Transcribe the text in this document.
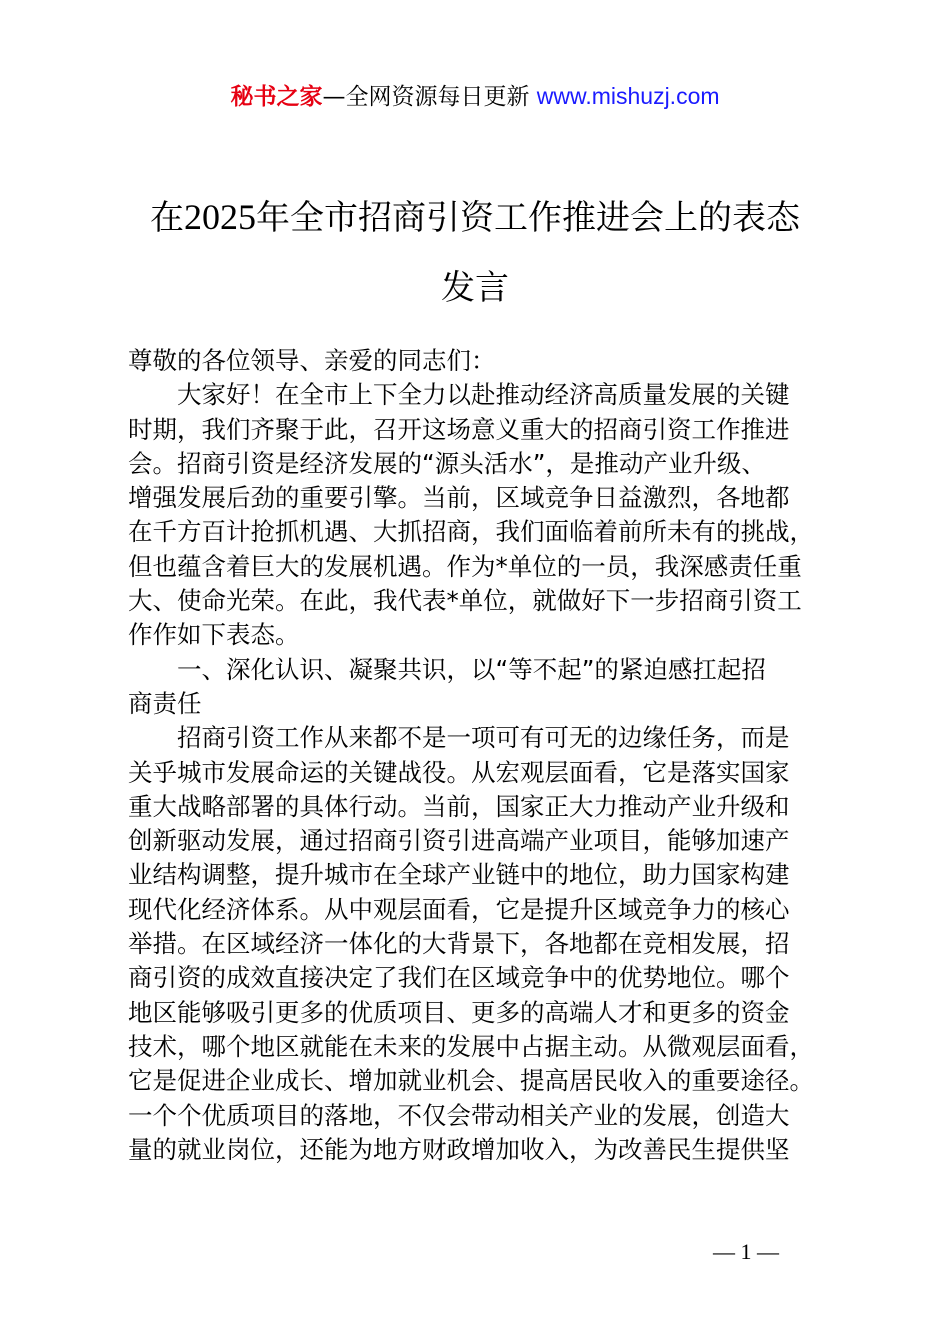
秘书之家—全网资源每日更新 www.mishuzj.com
在2025年全市招商引资工作推进会上的表态
发言
尊敬的各位领导、亲爱的同志们：
大家好！在全市上下全力以赴推动经济高质量发展的关键
时期，我们齐聚于此，召开这场意义重大的招商引资工作推进
会。招商引资是经济发展的“源头活水”，是推动产业升级、
增强发展后劲的重要引擎。当前，区域竞争日益激烈，各地都
在千方百计抢抓机遇、大抓招商，我们面临着前所未有的挑战，
但也蕴含着巨大的发展机遇。作为*单位的一员，我深感责任重
大、使命光荣。在此，我代表*单位，就做好下一步招商引资工
作作如下表态。
一、深化认识、凝聚共识，以“等不起”的紧迫感扛起招
商责任
招商引资工作从来都不是一项可有可无的边缘任务，而是
关乎城市发展命运的关键战役。从宏观层面看，它是落实国家
重大战略部署的具体行动。当前，国家正大力推动产业升级和
创新驱动发展，通过招商引资引进高端产业项目，能够加速产
业结构调整，提升城市在全球产业链中的地位，助力国家构建
现代化经济体系。从中观层面看，它是提升区域竞争力的核心
举措。在区域经济一体化的大背景下，各地都在竞相发展，招
商引资的成效直接决定了我们在区域竞争中的优势地位。哪个
地区能够吸引更多的优质项目、更多的高端人才和更多的资金
技术，哪个地区就能在未来的发展中占据主动。从微观层面看，
它是促进企业成长、增加就业机会、提高居民收入的重要途径。
一个个优质项目的落地，不仅会带动相关产业的发展，创造大
量的就业岗位，还能为地方财政增加收入，为改善民生提供坚
— 1 —
